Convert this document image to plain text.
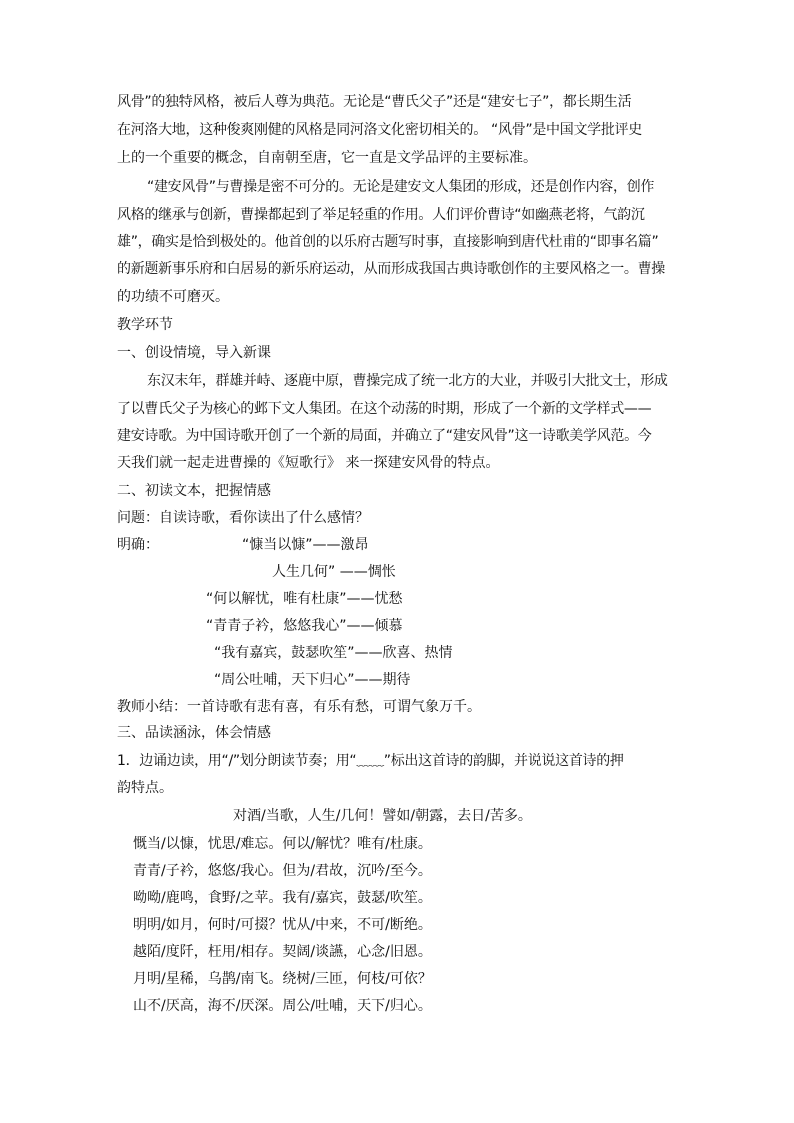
风骨”的独特风格，被后人尊为典范。无论是“曹氏父子”还是“建安七子”，都长期生活
在河洛大地，这种俊爽刚健的风格是同河洛文化密切相关的。 “风骨”是中国文学批评史
上的一个重要的概念，自南朝至唐，它一直是文学品评的主要标准。
“建安风骨”与曹操是密不可分的。无论是建安文人集团的形成，还是创作内容，创作
风格的继承与创新，曹操都起到了举足轻重的作用。人们评价曹诗“如幽燕老将，气韵沉
雄”，确实是恰到极处的。他首创的以乐府古题写时事，直接影响到唐代杜甫的“即事名篇”
的新题新事乐府和白居易的新乐府运动，从而形成我国古典诗歌创作的主要风格之一。曹操
的功绩不可磨灭。
教学环节
一、创设情境，导入新课
东汉末年，群雄并峙、逐鹿中原，曹操完成了统一北方的大业，并吸引大批文士，形成
了以曹氏父子为核心的邺下文人集团。在这个动荡的时期，形成了一个新的文学样式——
建安诗歌。为中国诗歌开创了一个新的局面，并确立了“建安风骨”这一诗歌美学风范。今
天我们就一起走进曹操的《短歌行》 来一探建安风骨的特点。
二、初读文本，把握情感
问题：自读诗歌，看你读出了什么感情？
明确：	“慷当以慷”——激昂
人生几何” ——惆怅
“何以解忧，唯有杜康”——忧愁
“青青子衿，悠悠我心”——倾慕
“我有嘉宾，鼓瑟吹笙”——欣喜、热情
“周公吐哺，天下归心”——期待
教师小结：一首诗歌有悲有喜，有乐有愁，可谓气象万千。
三、品读涵泳，体会情感
1．边诵边读，用“/”划分朗读节奏；用“﹏﹏”标出这首诗的韵脚，并说说这首诗的押
韵特点。
对酒/当歌，人生/几何！譬如/朝露，去日/苦多。
慨当/以慷，忧思/难忘。何以/解忧？唯有/杜康。
青青/子衿，悠悠/我心。但为/君故，沉吟/至今。
呦呦/鹿鸣，食野/之苹。我有/嘉宾，鼓瑟/吹笙。
明明/如月，何时/可掇？忧从/中来，不可/断绝。
越陌/度阡，枉用/相存。契阔/谈讌，心念/旧恩。
月明/星稀，乌鹊/南飞。绕树/三匝，何枝/可依？
山不/厌高，海不/厌深。周公/吐哺，天下/归心。
